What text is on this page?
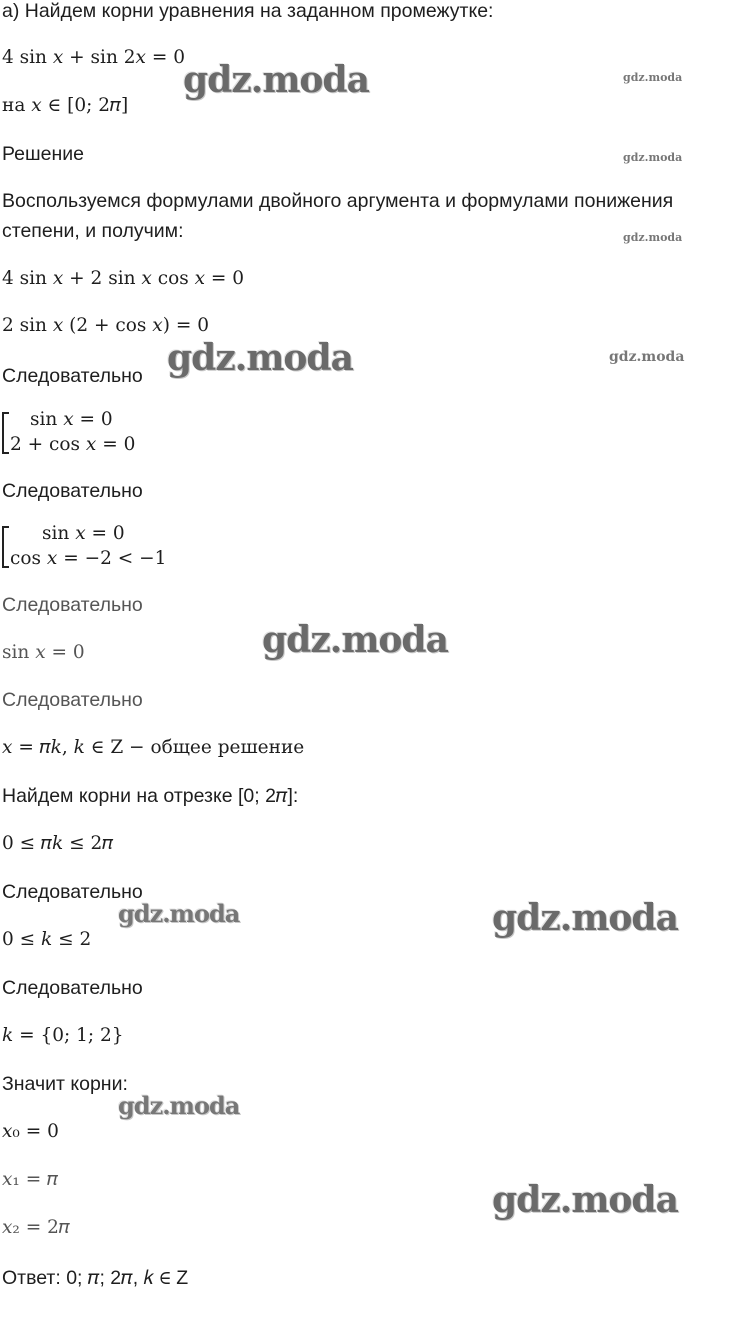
а) Найдем корни уравнения на заданном промежутке:

4 sin 𝑥 + sin 2𝑥 = 0

на 𝑥 ∈ [0; 2𝜋]

Решение

Воспользуемся формулами двойного аргумента и формулами понижения

степени, и получим:

4 sin 𝑥 + 2 sin 𝑥 cos 𝑥 = 0

2 sin 𝑥 (2 + cos 𝑥) = 0

Следовательно

sin 𝑥 = 0
2 + cos 𝑥 = 0

Следовательно

sin 𝑥 = 0
cos 𝑥 = −2 < −1

Следовательно

sin 𝑥 = 0

Следовательно

𝑥 = 𝜋𝑘, 𝑘 ∈ Z − общее решение

Найдем корни на отрезке [0; 2𝜋]:

0 ≤ 𝜋𝑘 ≤ 2𝜋

Следовательно

0 ≤ 𝑘 ≤ 2

Следовательно

𝑘 = {0; 1; 2}

Значит корни:

𝑥₀ = 0

𝑥₁ = 𝜋

𝑥₂ = 2𝜋

Ответ: 0; 𝜋; 2𝜋, 𝑘 ∈ Z

gdz.moda	gdz.moda
gdz.moda
gdz.moda
gdz.moda	gdz.moda
gdz.moda
gdz.moda	gdz.moda
gdz.moda
gdz.moda
